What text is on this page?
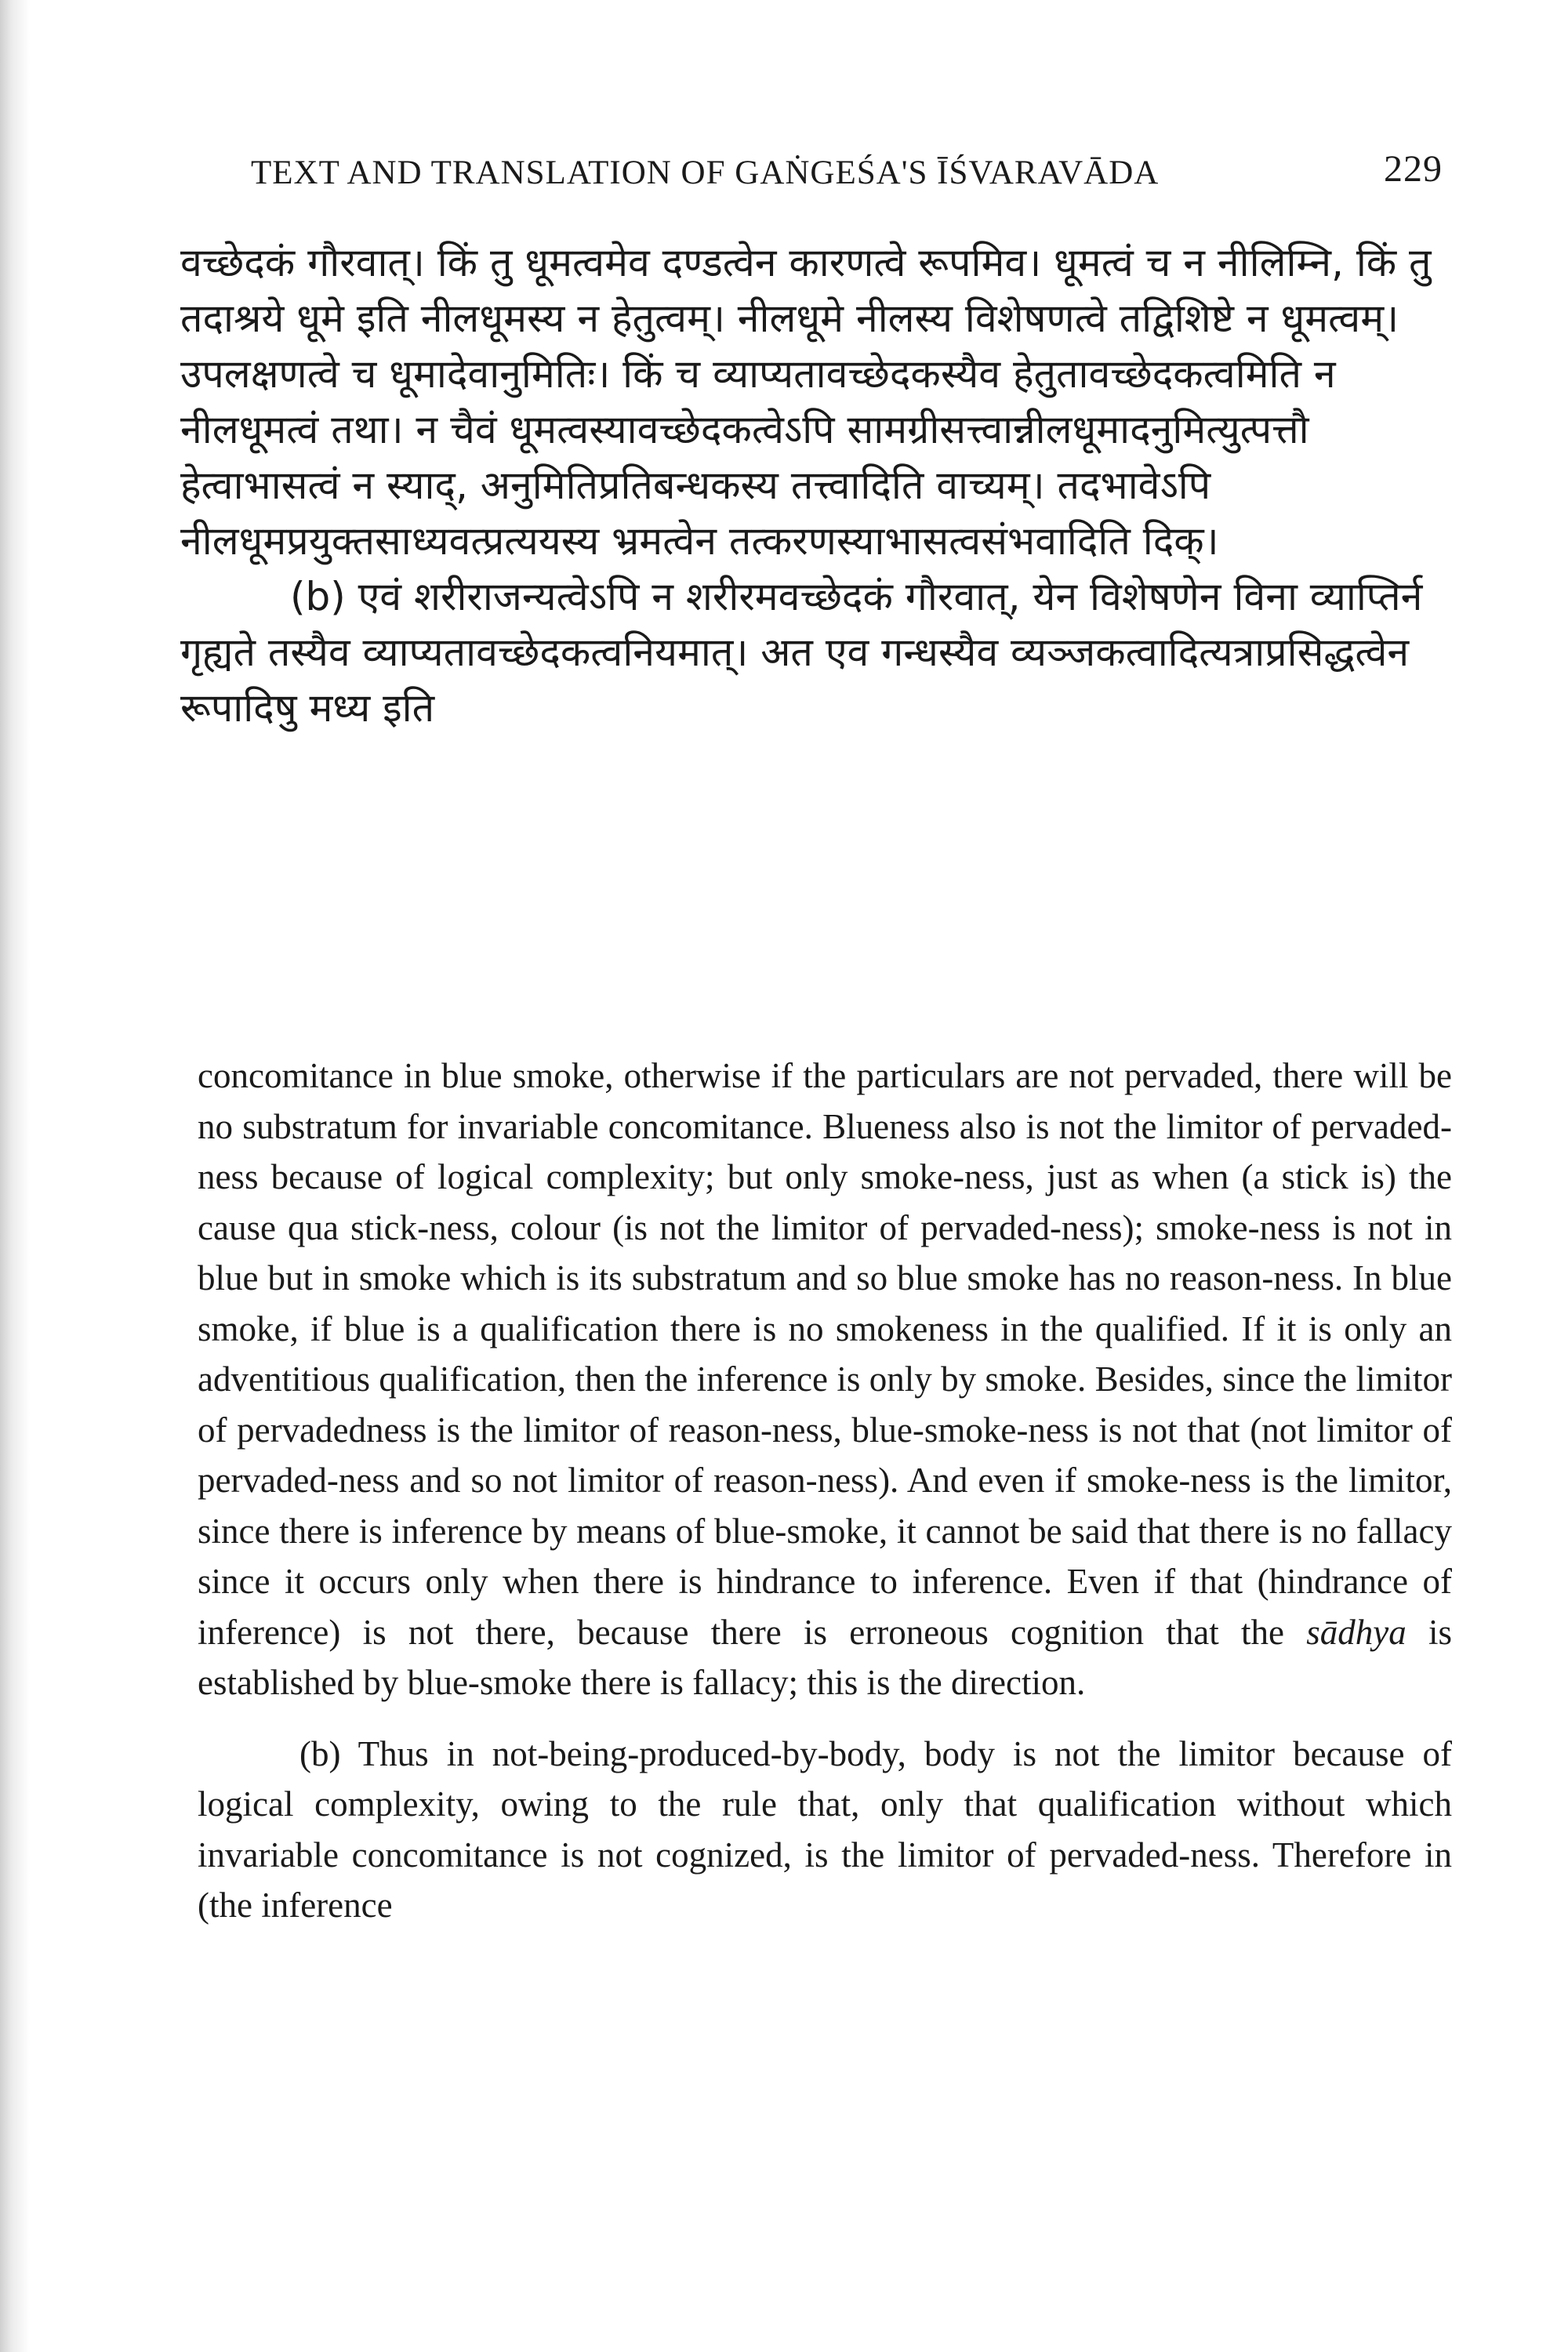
TEXT AND TRANSLATION OF GAṄGEŚA'S ĪŚVARAVĀDA	229

वच्छेदकं गौरवात्। किं तु धूमत्वमेव दण्डत्वेन कारणत्वे रूपमिव। धूमत्वं च न नीलिम्नि, किं तु तदाश्रये धूमे इति नीलधूमस्य न हेतुत्वम्। नीलधूमे नीलस्य विशेषणत्वे तद्विशिष्टे न धूमत्वम्। उपलक्षणत्वे च धूमादेवानुमितिः। किं च व्याप्यतावच्छेदकस्यैव हेतुतावच्छेदकत्वमिति न नीलधूमत्वं तथा। न चैवं धूमत्वस्यावच्छेदकत्वेऽपि सामग्रीसत्त्वान्नीलधूमादनुमित्युत्पत्तौ हेत्वाभासत्वं न स्याद्, अनुमितिप्रतिबन्धकस्य तत्त्वादिति वाच्यम्। तदभावेऽपि नीलधूमप्रयुक्तसाध्यवत्प्रत्ययस्य भ्रमत्वेन तत्करणस्याभासत्वसंभवादिति दिक्।

(b) एवं शरीराजन्यत्वेऽपि न शरीरमवच्छेदकं गौरवात्, येन विशेषणेन विना व्याप्तिर्न गृह्यते तस्यैव व्याप्यतावच्छेदकत्वनियमात्। अत एव गन्धस्यैव व्यञ्जकत्वादित्यत्राप्रसिद्धत्वेन रूपादिषु मध्य इति

concomitance in blue smoke, otherwise if the particulars are not pervaded, there will be no substratum for invariable concomitance. Blueness also is not the limitor of pervaded-ness because of logical complexity; but only smoke-ness, just as when (a stick is) the cause qua stick-ness, colour (is not the limitor of pervaded-ness); smoke-ness is not in blue but in smoke which is its substratum and so blue smoke has no reason-ness. In blue smoke, if blue is a qualification there is no smokeness in the qualified. If it is only an adventitious qualification, then the inference is only by smoke. Besides, since the limitor of pervadedness is the limitor of reason-ness, blue-smoke-ness is not that (not limitor of pervaded-ness and so not limitor of reason-ness). And even if smoke-ness is the limitor, since there is inference by means of blue-smoke, it cannot be said that there is no fallacy since it occurs only when there is hindrance to inference. Even if that (hindrance of inference) is not there, because there is erroneous cognition that the sādhya is established by blue-smoke there is fallacy; this is the direction.

(b) Thus in not-being-produced-by-body, body is not the limitor because of logical complexity, owing to the rule that, only that qualification without which invariable concomitance is not cognized, is the limitor of pervaded-ness. Therefore in (the inference
